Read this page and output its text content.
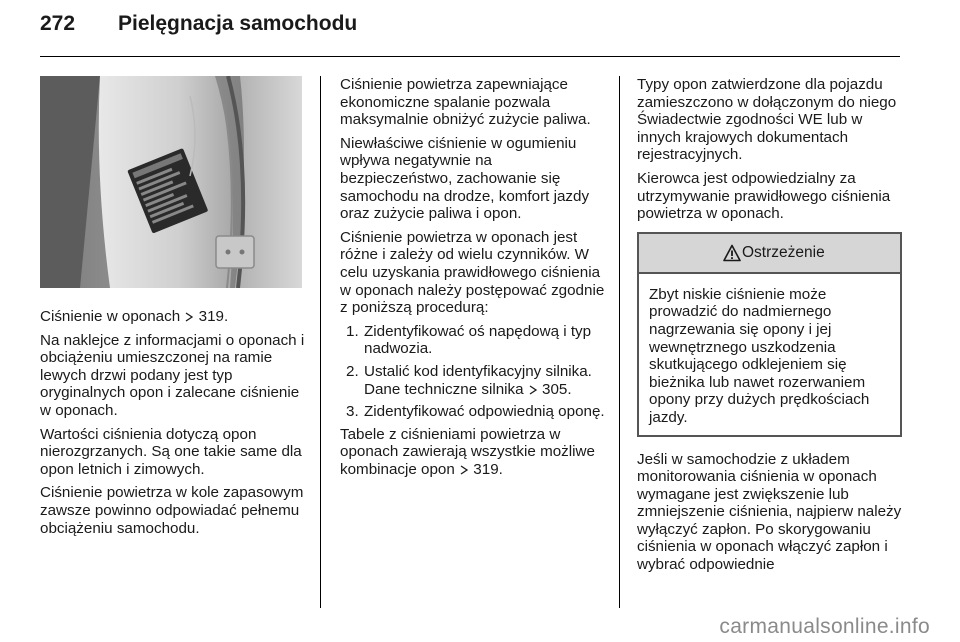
272 Pielęgnacja samochodu

Ciśnienie w oponach 319.

Na naklejce z informacjami o oponach i obciążeniu umieszczonej na ramie lewych drzwi podany jest typ oryginalnych opon i zalecane ciśnienie w oponach.

Wartości ciśnienia dotyczą opon nierozgrzanych. Są one takie same dla opon letnich i zimowych.

Ciśnienie powietrza w kole zapasowym zawsze powinno odpowiadać pełnemu obciążeniu samochodu.

Ciśnienie powietrza zapewniające ekonomiczne spalanie pozwala maksymalnie obniżyć zużycie paliwa.

Niewłaściwe ciśnienie w ogumieniu wpływa negatywnie na bezpieczeństwo, zachowanie się samochodu na drodze, komfort jazdy oraz zużycie paliwa i opon.

Ciśnienie powietrza w oponach jest różne i zależy od wielu czynników. W celu uzyskania prawidłowego ciśnienia w oponach należy postępować zgodnie z poniższą procedurą:

1. Zidentyfikować oś napędową i typ nadwozia.
2. Ustalić kod identyfikacyjny silnika. Dane techniczne silnika 305.
3. Zidentyfikować odpowiednią oponę.

Tabele z ciśnieniami powietrza w oponach zawierają wszystkie możliwe kombinacje opon 319.

Typy opon zatwierdzone dla pojazdu zamieszczono w dołączonym do niego Świadectwie zgodności WE lub w innych krajowych dokumentach rejestracyjnych.

Kierowca jest odpowiedzialny za utrzymywanie prawidłowego ciśnienia powietrza w oponach.

Ostrzeżenie
Zbyt niskie ciśnienie może prowadzić do nadmiernego nagrzewania się opony i jej wewnętrznego uszkodzenia skutkującego odklejeniem się bieżnika lub nawet rozerwaniem opony przy dużych prędkościach jazdy.

Jeśli w samochodzie z układem monitorowania ciśnienia w oponach wymagane jest zwiększenie lub zmniejszenie ciśnienia, najpierw należy wyłączyć zapłon. Po skorygowaniu ciśnienia w oponach włączyć zapłon i wybrać odpowiednie

carmanualsonline.info
